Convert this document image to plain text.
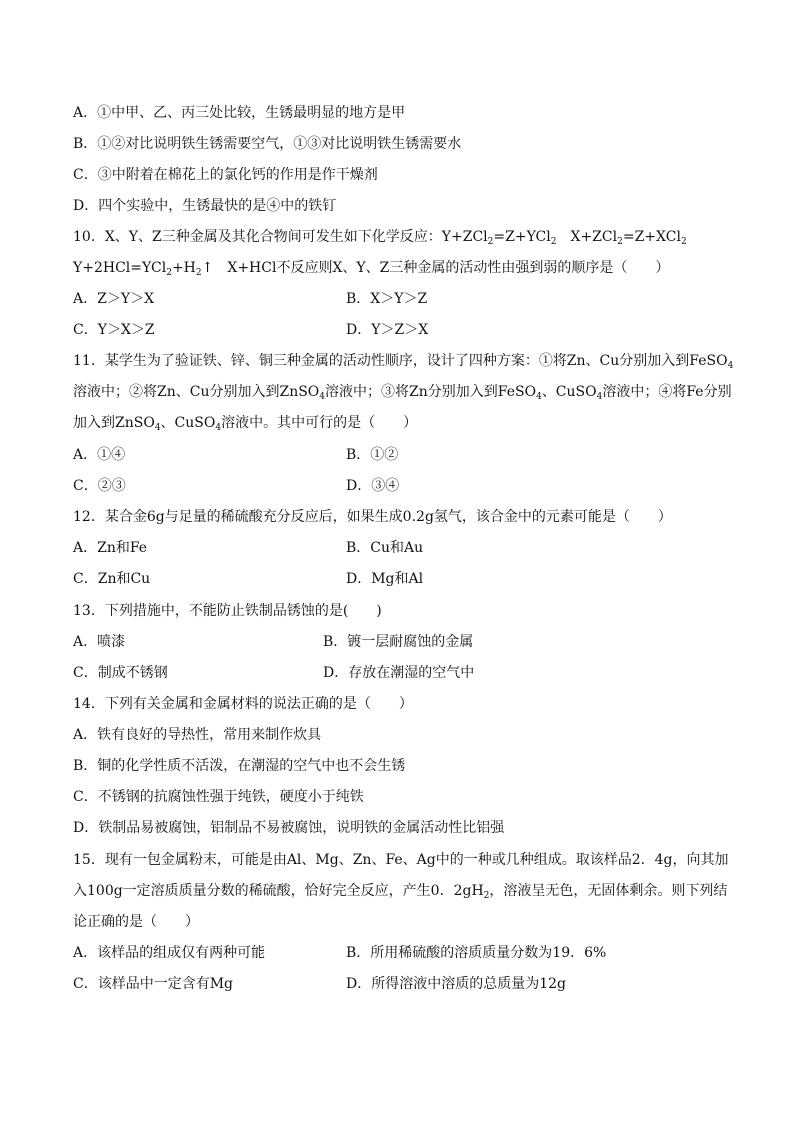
A．①中甲、乙、丙三处比较，生锈最明显的地方是甲
B．①②对比说明铁生锈需要空气，①③对比说明铁生锈需要水
C．③中附着在棉花上的氯化钙的作用是作干燥剂
D．四个实验中，生锈最快的是④中的铁钉
10．X、Y、Z三种金属及其化合物间可发生如下化学反应：Y+ZCl$_2$=Z+YCl$_2$　X+ZCl$_2$=Z+XCl$_2$
$Y+2HCl=YCl_2+H_2↑$　X+HCl不反应则X、Y、Z三种金属的活动性由强到弱的顺序是（　　）
A．Z＞Y＞X	B．X＞Y＞Z
C．Y＞X＞Z	D．Y＞Z＞X
11．某学生为了验证铁、锌、铜三种金属的活动性顺序，设计了四种方案：①将Zn、Cu分别加入到FeSO$_4$
溶液中；②将Zn、Cu分别加入到ZnSO$_4$溶液中；③将Zn分别加入到FeSO$_4$、CuSO$_4$溶液中；④将Fe分别
加入到ZnSO$_4$、CuSO$_4$溶液中。其中可行的是（　　）
A．①④	B．①②
C．②③	D．③④
12．某合金6g与足量的稀硫酸充分反应后，如果生成0.2g氢气，该合金中的元素可能是（　　）
A．Zn和Fe	B．Cu和Au
C．Zn和Cu	D．Mg和Al
13．下列措施中，不能防止铁制品锈蚀的是(　　)
A．喷漆	B．镀一层耐腐蚀的金属
C．制成不锈钢	D．存放在潮湿的空气中
14．下列有关金属和金属材料的说法正确的是（　　）
A．铁有良好的导热性，常用来制作炊具
B．铜的化学性质不活泼，在潮湿的空气中也不会生锈
C．不锈钢的抗腐蚀性强于纯铁，硬度小于纯铁
D．铁制品易被腐蚀，铝制品不易被腐蚀，说明铁的金属活动性比铝强
15．现有一包金属粉末，可能是由Al、Mg、Zn、Fe、Ag中的一种或几种组成。取该样品2．4g，向其加
入100g一定溶质质量分数的稀硫酸，恰好完全反应，产生0．$2gH_2$，溶液呈无色，无固体剩余。则下列结
论正确的是（　　）
A．该样品的组成仅有两种可能	B．所用稀硫酸的溶质质量分数为19．6%
C．该样品中一定含有Mg	D．所得溶液中溶质的总质量为12g
